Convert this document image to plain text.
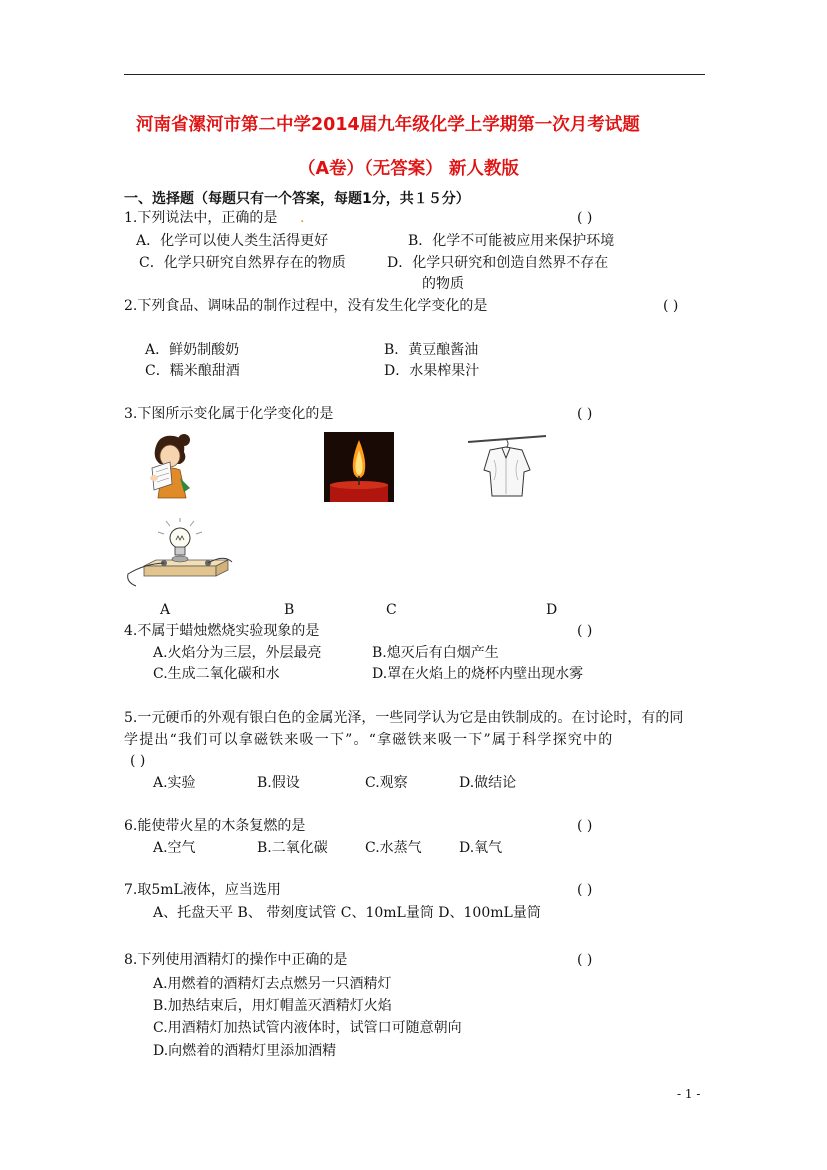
河南省漯河市第二中学2014届九年级化学上学期第一次月考试题
（A卷）（无答案） 新人教版
一、选择题（每题只有一个答案，每题1分，共１５分）
1.下列说法中，正确的是 .	( )
A．化学可以使人类生活得更好	B．化学不可能被应用来保护环境
C．化学只研究自然界存在的物质	D．化学只研究和创造自然界不存在
的物质
2.下列食品、调味品的制作过程中，没有发生化学变化的是	( )
A．鲜奶制酸奶	B．黄豆酿酱油
C．糯米酿甜酒	D．水果榨果汁
3.下图所示变化属于化学变化的是	( )
A	B	C	D
4.不属于蜡烛燃烧实验现象的是	( )
A.火焰分为三层，外层最亮	B.熄灭后有白烟产生
C.生成二氧化碳和水	D.罩在火焰上的烧杯内壁出现水雾
5.一元硬币的外观有银白色的金属光泽，一些同学认为它是由铁制成的。在讨论时，有的同
学提出“我们可以拿磁铁来吸一下”。“拿磁铁来吸一下”属于科学探究中的
( )
A.实验	B.假设	C.观察	D.做结论
6.能使带火星的木条复燃的是	( )
A.空气	B.二氧化碳	C.水蒸气	D.氧气
7.取5mL液体，应当选用	( )
A、托盘天平 B、 带刻度试管 C、10mL量筒 D、100mL量筒
8.下列使用酒精灯的操作中正确的是	( )
A.用燃着的酒精灯去点燃另一只酒精灯
B.加热结束后，用灯帽盖灭酒精灯火焰
C.用酒精灯加热试管内液体时，试管口可随意朝向
D.向燃着的酒精灯里添加酒精
- 1 -
